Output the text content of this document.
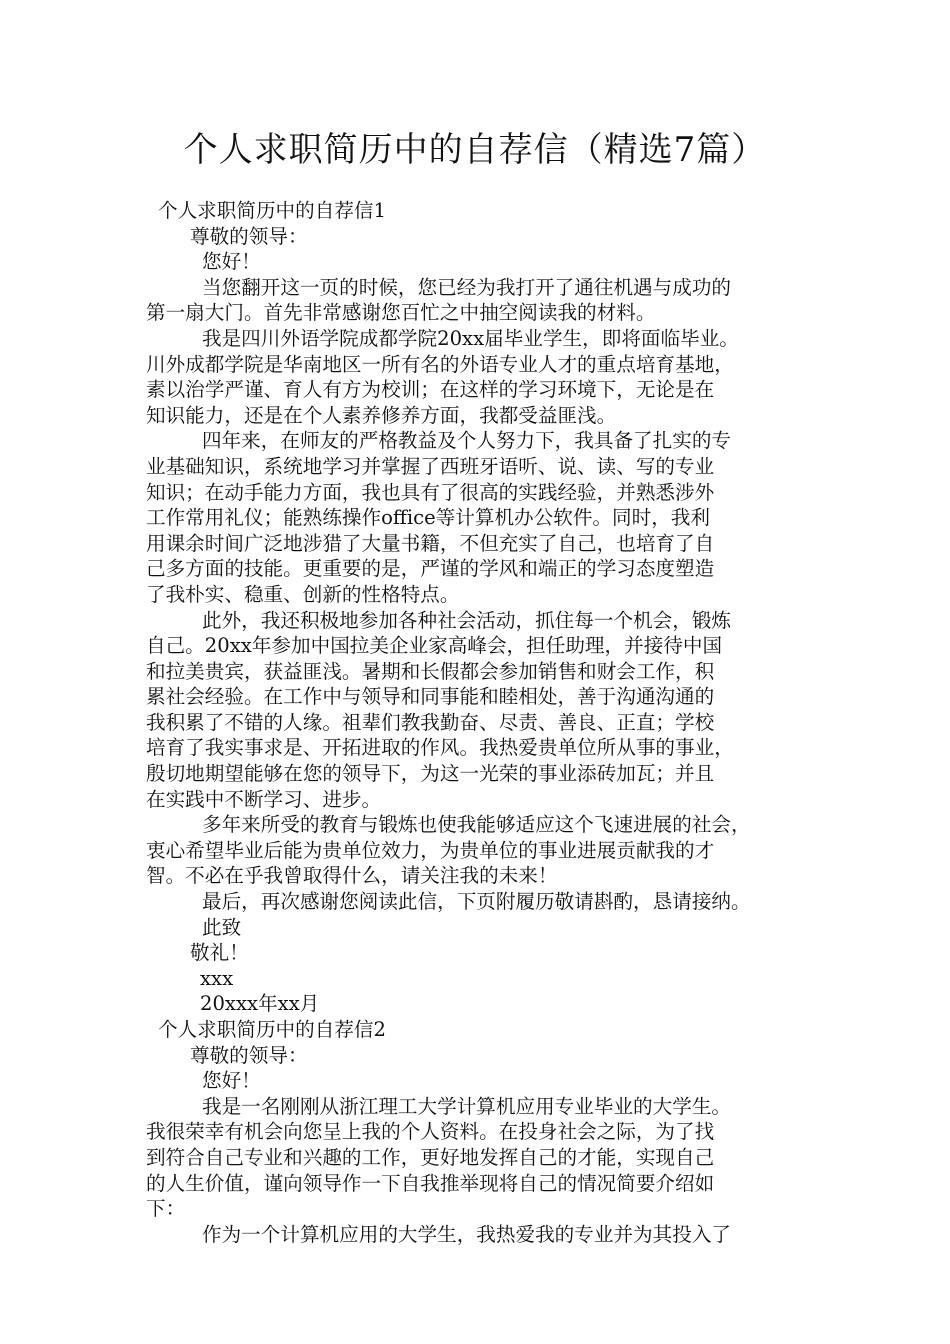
个人求职简历中的自荐信（精选7篇）
个人求职简历中的自荐信1
尊敬的领导：
您好！
当您翻开这一页的时候，您已经为我打开了通往机遇与成功的
第一扇大门。首先非常感谢您百忙之中抽空阅读我的材料。
我是四川外语学院成都学院20xx届毕业学生，即将面临毕业。
川外成都学院是华南地区一所有名的外语专业人才的重点培育基地，
素以治学严谨、育人有方为校训；在这样的学习环境下，无论是在
知识能力，还是在个人素养修养方面，我都受益匪浅。
四年来，在师友的严格教益及个人努力下，我具备了扎实的专
业基础知识，系统地学习并掌握了西班牙语听、说、读、写的专业
知识；在动手能力方面，我也具有了很高的实践经验，并熟悉涉外
工作常用礼仪；能熟练操作office等计算机办公软件。同时，我利
用课余时间广泛地涉猎了大量书籍，不但充实了自己，也培育了自
己多方面的技能。更重要的是，严谨的学风和端正的学习态度塑造
了我朴实、稳重、创新的性格特点。
此外，我还积极地参加各种社会活动，抓住每一个机会，锻炼
自己。20xx年参加中国拉美企业家高峰会，担任助理，并接待中国
和拉美贵宾，获益匪浅。暑期和长假都会参加销售和财会工作，积
累社会经验。在工作中与领导和同事能和睦相处，善于沟通沟通的
我积累了不错的人缘。祖辈们教我勤奋、尽责、善良、正直；学校
培育了我实事求是、开拓进取的作风。我热爱贵单位所从事的事业，
殷切地期望能够在您的领导下，为这一光荣的事业添砖加瓦；并且
在实践中不断学习、进步。
多年来所受的教育与锻炼也使我能够适应这个飞速进展的社会，
衷心希望毕业后能为贵单位效力，为贵单位的事业进展贡献我的才
智。不必在乎我曾取得什么，请关注我的未来！
最后，再次感谢您阅读此信，下页附履历敬请斟酌，恳请接纳。
此致
敬礼！
xxx
20xxx年xx月
个人求职简历中的自荐信2
尊敬的领导：
您好！
我是一名刚刚从浙江理工大学计算机应用专业毕业的大学生。
我很荣幸有机会向您呈上我的个人资料。在投身社会之际，为了找
到符合自己专业和兴趣的工作，更好地发挥自己的才能，实现自己
的人生价值，谨向领导作一下自我推举现将自己的情况简要介绍如
下：
作为一个计算机应用的大学生，我热爱我的专业并为其投入了
